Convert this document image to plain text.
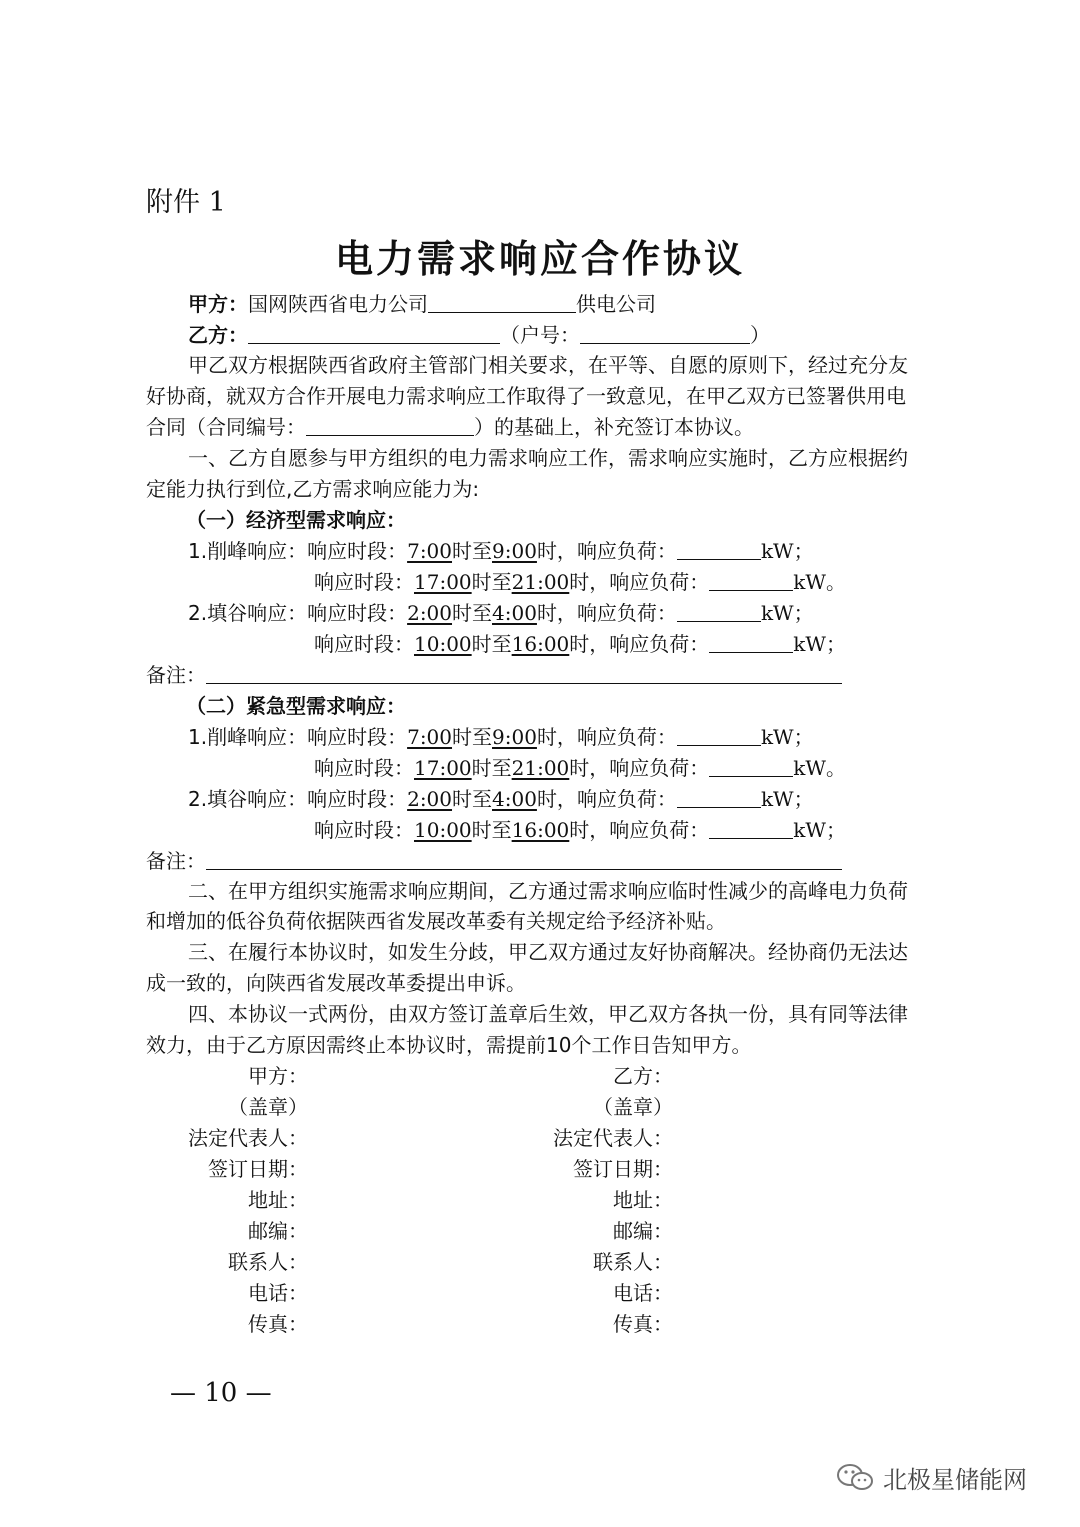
附件 1
电力需求响应合作协议
甲方：国网陕西省电力公司	供电公司
乙方：	（户号：	）
甲乙双方根据陕西省政府主管部门相关要求，在平等、自愿的原则下，经过充分友
好协商，就双方合作开展电力需求响应工作取得了一致意见，在甲乙双方已签署供用电
合同（合同编号：	）的基础上，补充签订本协议。
一、乙方自愿参与甲方组织的电力需求响应工作，需求响应实施时，乙方应根据约
定能力执行到位,乙方需求响应能力为:
（一）经济型需求响应：
1.削峰响应：响应时段：7:00时至9:00时，响应负荷：	kW；
响应时段：17:00时至21:00时，响应负荷：	kW。
2.填谷响应：响应时段：2:00时至4:00时，响应负荷：	kW；
响应时段：10:00时至16:00时，响应负荷：	kW；
备注：
（二）紧急型需求响应：
1.削峰响应：响应时段：7:00时至9:00时，响应负荷：	kW；
响应时段：17:00时至21:00时，响应负荷：	kW。
2.填谷响应：响应时段：2:00时至4:00时，响应负荷：	kW；
响应时段：10:00时至16:00时，响应负荷：	kW；
备注：
二、在甲方组织实施需求响应期间，乙方通过需求响应临时性减少的高峰电力负荷
和增加的低谷负荷依据陕西省发展改革委有关规定给予经济补贴。
三、在履行本协议时，如发生分歧，甲乙双方通过友好协商解决。经协商仍无法达
成一致的，向陕西省发展改革委提出申诉。
四、本协议一式两份，由双方签订盖章后生效，甲乙双方各执一份，具有同等法律
效力，由于乙方原因需终止本协议时，需提前10个工作日告知甲方。
甲方：
（盖章）
法定代表人：
签订日期：
地址：
邮编：
联系人：
电话：
传真：
乙方：
（盖章）
法定代表人：
签订日期：
地址：
邮编：
联系人：
电话：
传真：
— 10 —
北极星储能网
